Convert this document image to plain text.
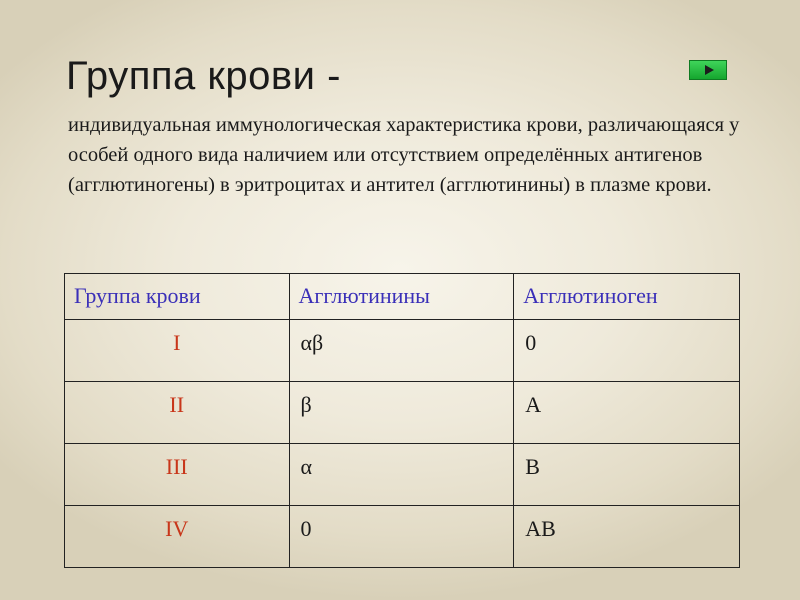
Группа крови -

индивидуальная иммунологическая характеристика крови, различающаяся у особей одного вида наличием или отсутствием определённых антигенов (агглютиногены) в эритроцитах и антител (агглютинины) в плазме крови.

Группа крови	Агглютинины	Агглютиноген
I	αβ	0
II	β	А
III	α	В
IV	0	АВ
